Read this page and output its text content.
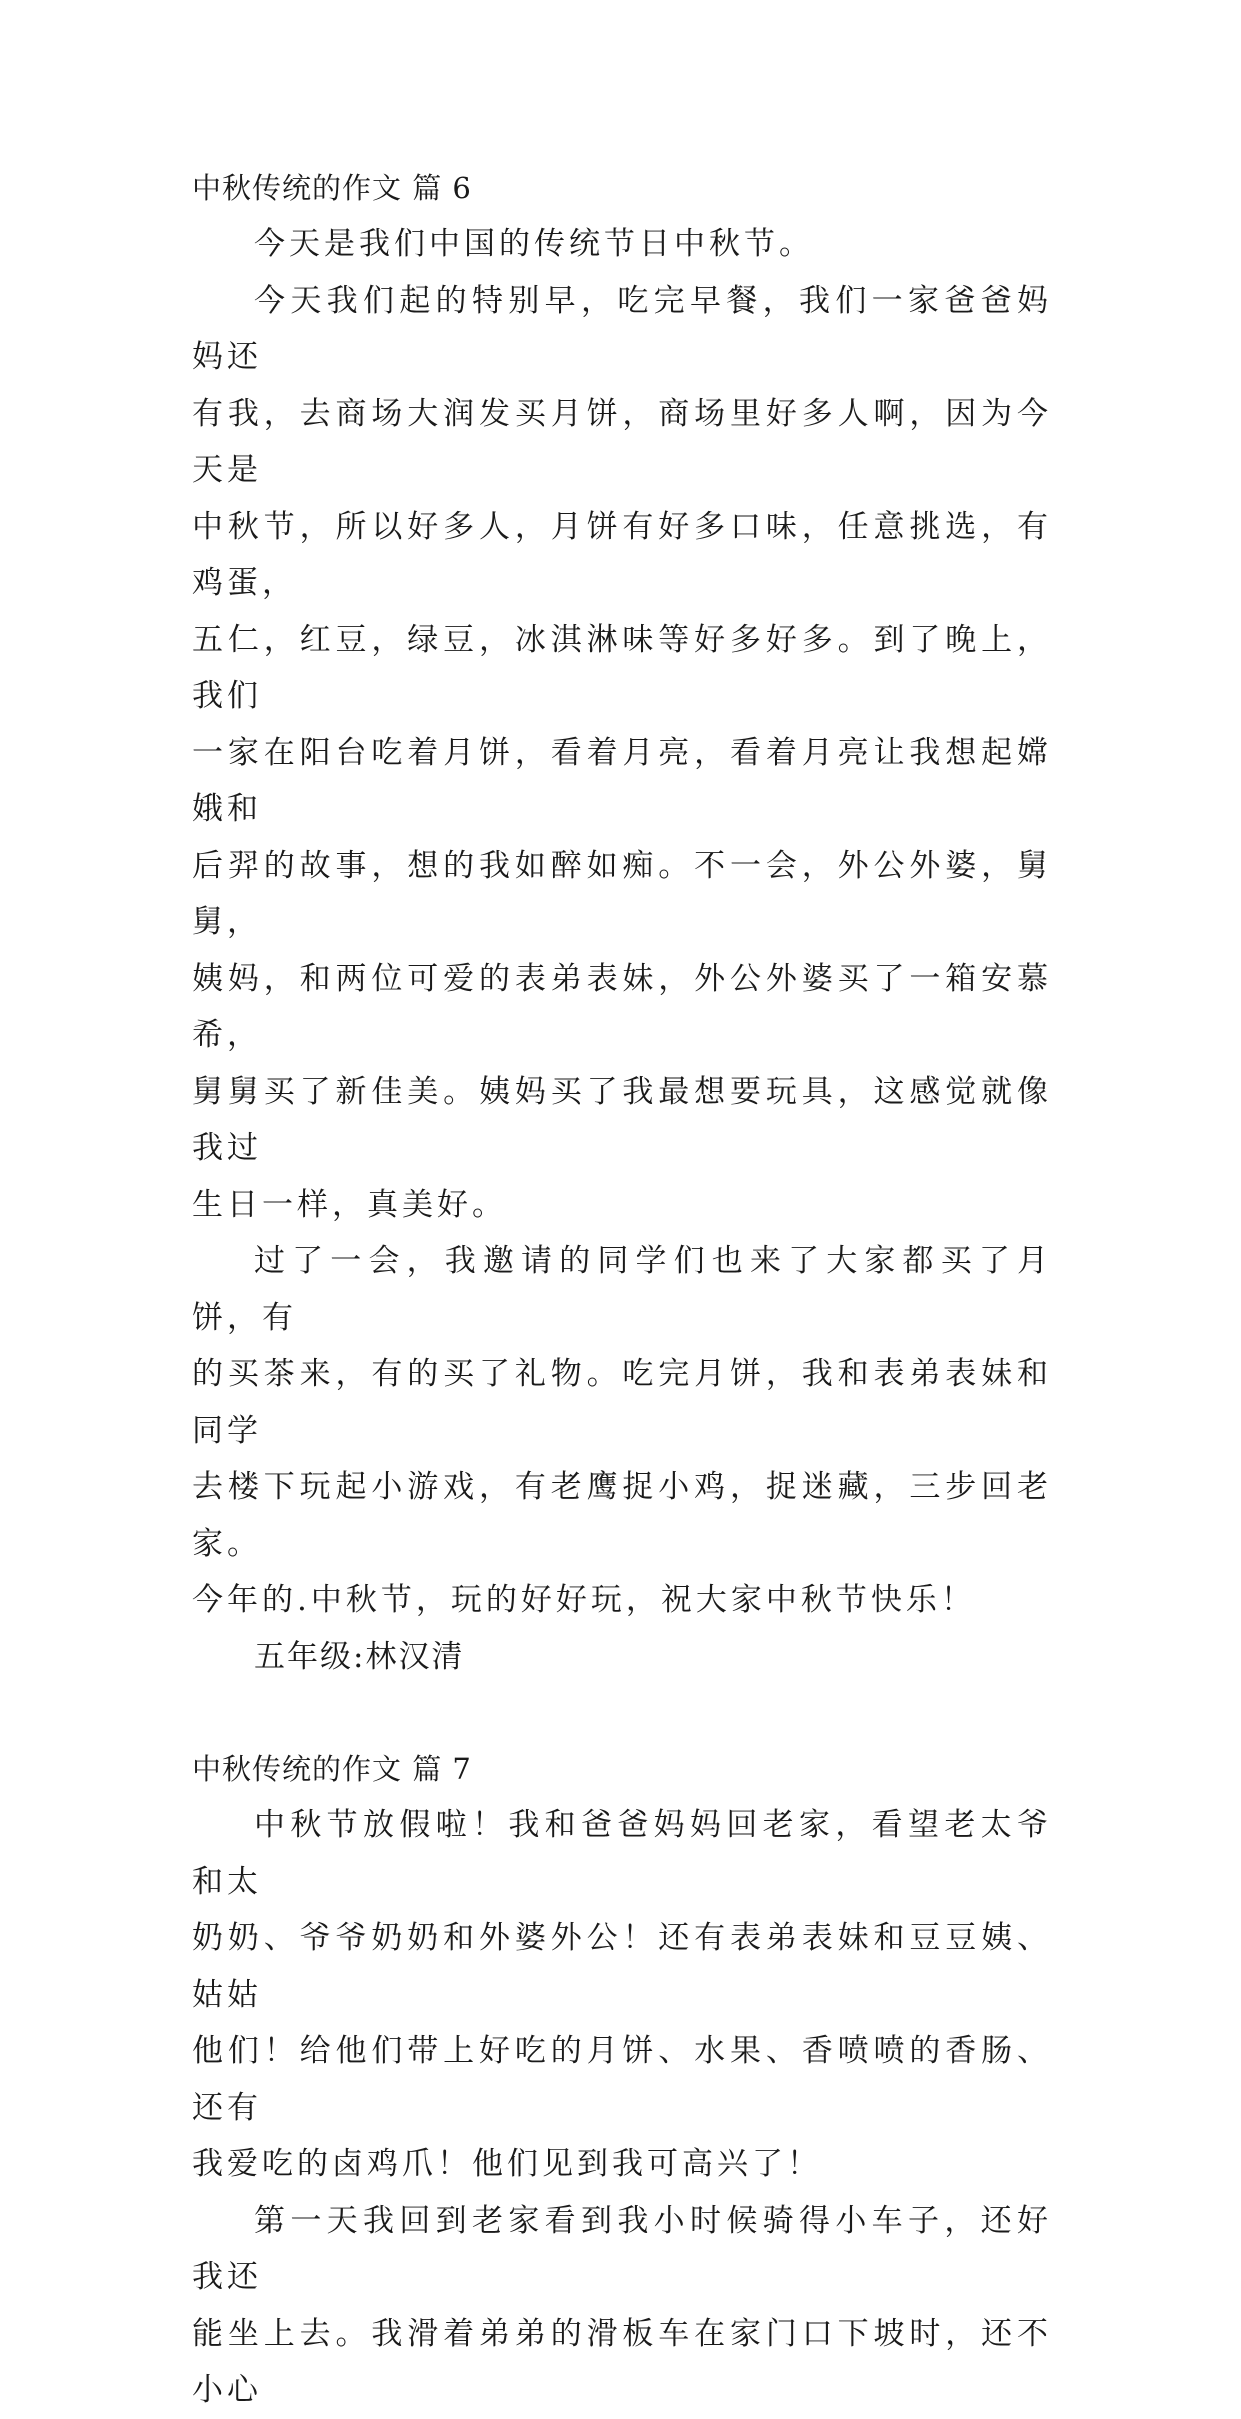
中秋传统的作文 篇 6

今天是我们中国的传统节日中秋节。

今天我们起的特别早，吃完早餐，我们一家爸爸妈妈还
有我，去商场大润发买月饼，商场里好多人啊，因为今天是
中秋节，所以好多人，月饼有好多口味，任意挑选，有鸡蛋，
五仁，红豆，绿豆，冰淇淋味等好多好多。到了晚上，我们
一家在阳台吃着月饼，看着月亮，看着月亮让我想起嫦娥和
后羿的故事，想的我如醉如痴。不一会，外公外婆，舅舅，
姨妈，和两位可爱的表弟表妹，外公外婆买了一箱安慕希，
舅舅买了新佳美。姨妈买了我最想要玩具，这感觉就像我过
生日一样，真美好。

过了一会，我邀请的同学们也来了大家都买了月饼，有
的买茶来，有的买了礼物。吃完月饼，我和表弟表妹和同学
去楼下玩起小游戏，有老鹰捉小鸡，捉迷藏，三步回老家。
今年的.中秋节，玩的好好玩，祝大家中秋节快乐！

五年级:林汉清

中秋传统的作文 篇 7

中秋节放假啦！我和爸爸妈妈回老家，看望老太爷和太
奶奶、爷爷奶奶和外婆外公！还有表弟表妹和豆豆姨、姑姑
他们！给他们带上好吃的月饼、水果、香喷喷的香肠、还有
我爱吃的卤鸡爪！他们见到我可高兴了！

第一天我回到老家看到我小时候骑得小车子，还好我还
能坐上去。我滑着弟弟的滑板车在家门口下坡时，还不小心
